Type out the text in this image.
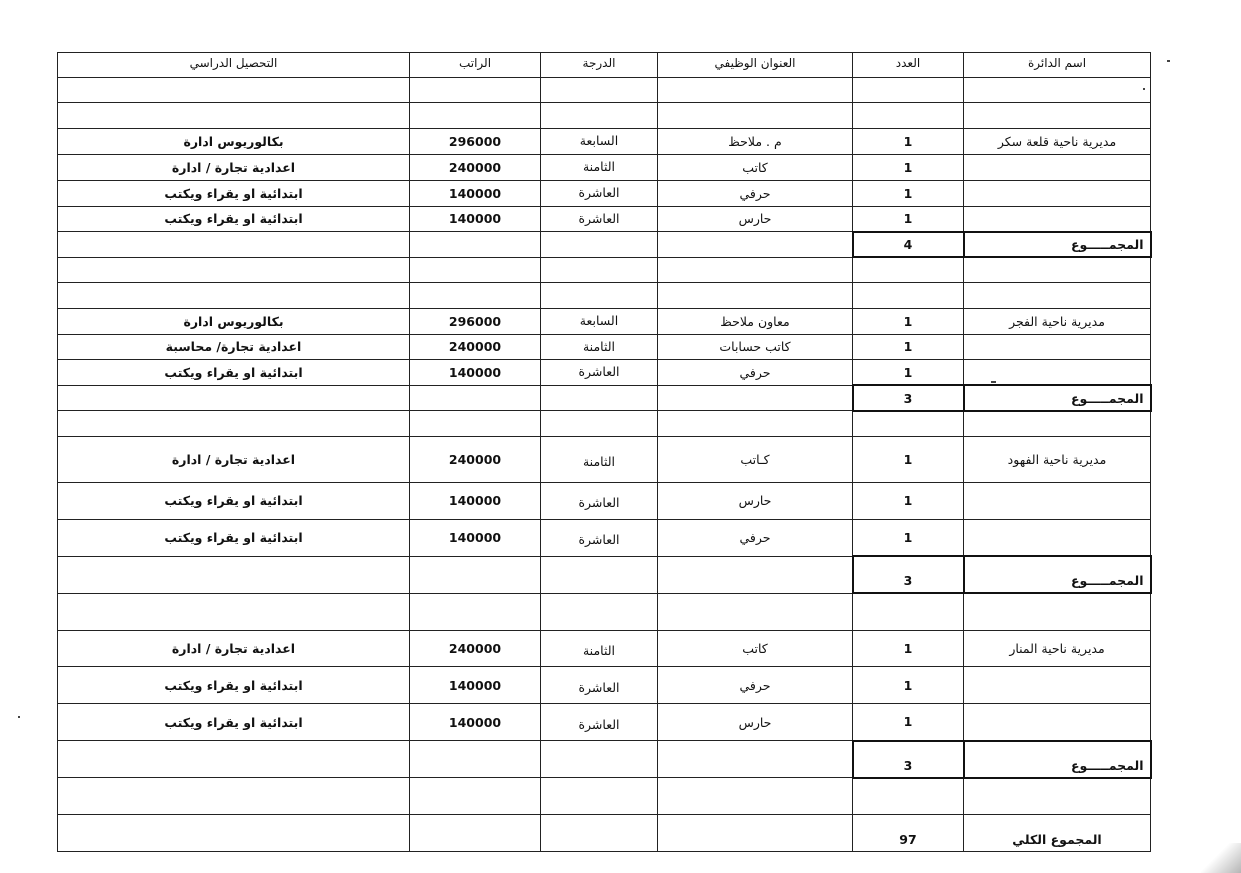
اسم الدائرة	العدد	العنوان الوظيفي	الدرجة	الراتب	التحصيل الدراسي

مديرية ناحية قلعة سكر	1	م . ملاحظ	السابعة	296000	بكالوريوس ادارة
	1	كاتب	الثامنة	240000	اعدادية تجارة / ادارة
	1	حرفي	العاشرة	140000	ابتدائية او يقراء ويكتب
	1	حارس	العاشرة	140000	ابتدائية او يقراء ويكتب
المجمـــــوع	4				

مديرية ناحية الفجر	1	معاون ملاحظ	السابعة	296000	بكالوريوس ادارة
	1	كاتب حسابات	الثامنة	240000	اعدادية تجارة/ محاسبة
	1	حرفي	العاشرة	140000	ابتدائية او يقراء ويكتب
المجمـــــوع	3				

مديرية ناحية الفهود	1	كـاتب	الثامنة	240000	اعدادية تجارة / ادارة
	1	حارس	العاشرة	140000	ابتدائية او يقراء ويكتب
	1	حرفي	العاشرة	140000	ابتدائية او يقراء ويكتب
المجمـــــوع	3				

مديرية ناحية المنار	1	كاتب	الثامنة	240000	اعدادية تجارة / ادارة
	1	حرفي	العاشرة	140000	ابتدائية او يقراء ويكتب
	1	حارس	العاشرة	140000	ابتدائية او يقراء ويكتب
المجمـــــوع	3				

المجموع الكلي	97				
